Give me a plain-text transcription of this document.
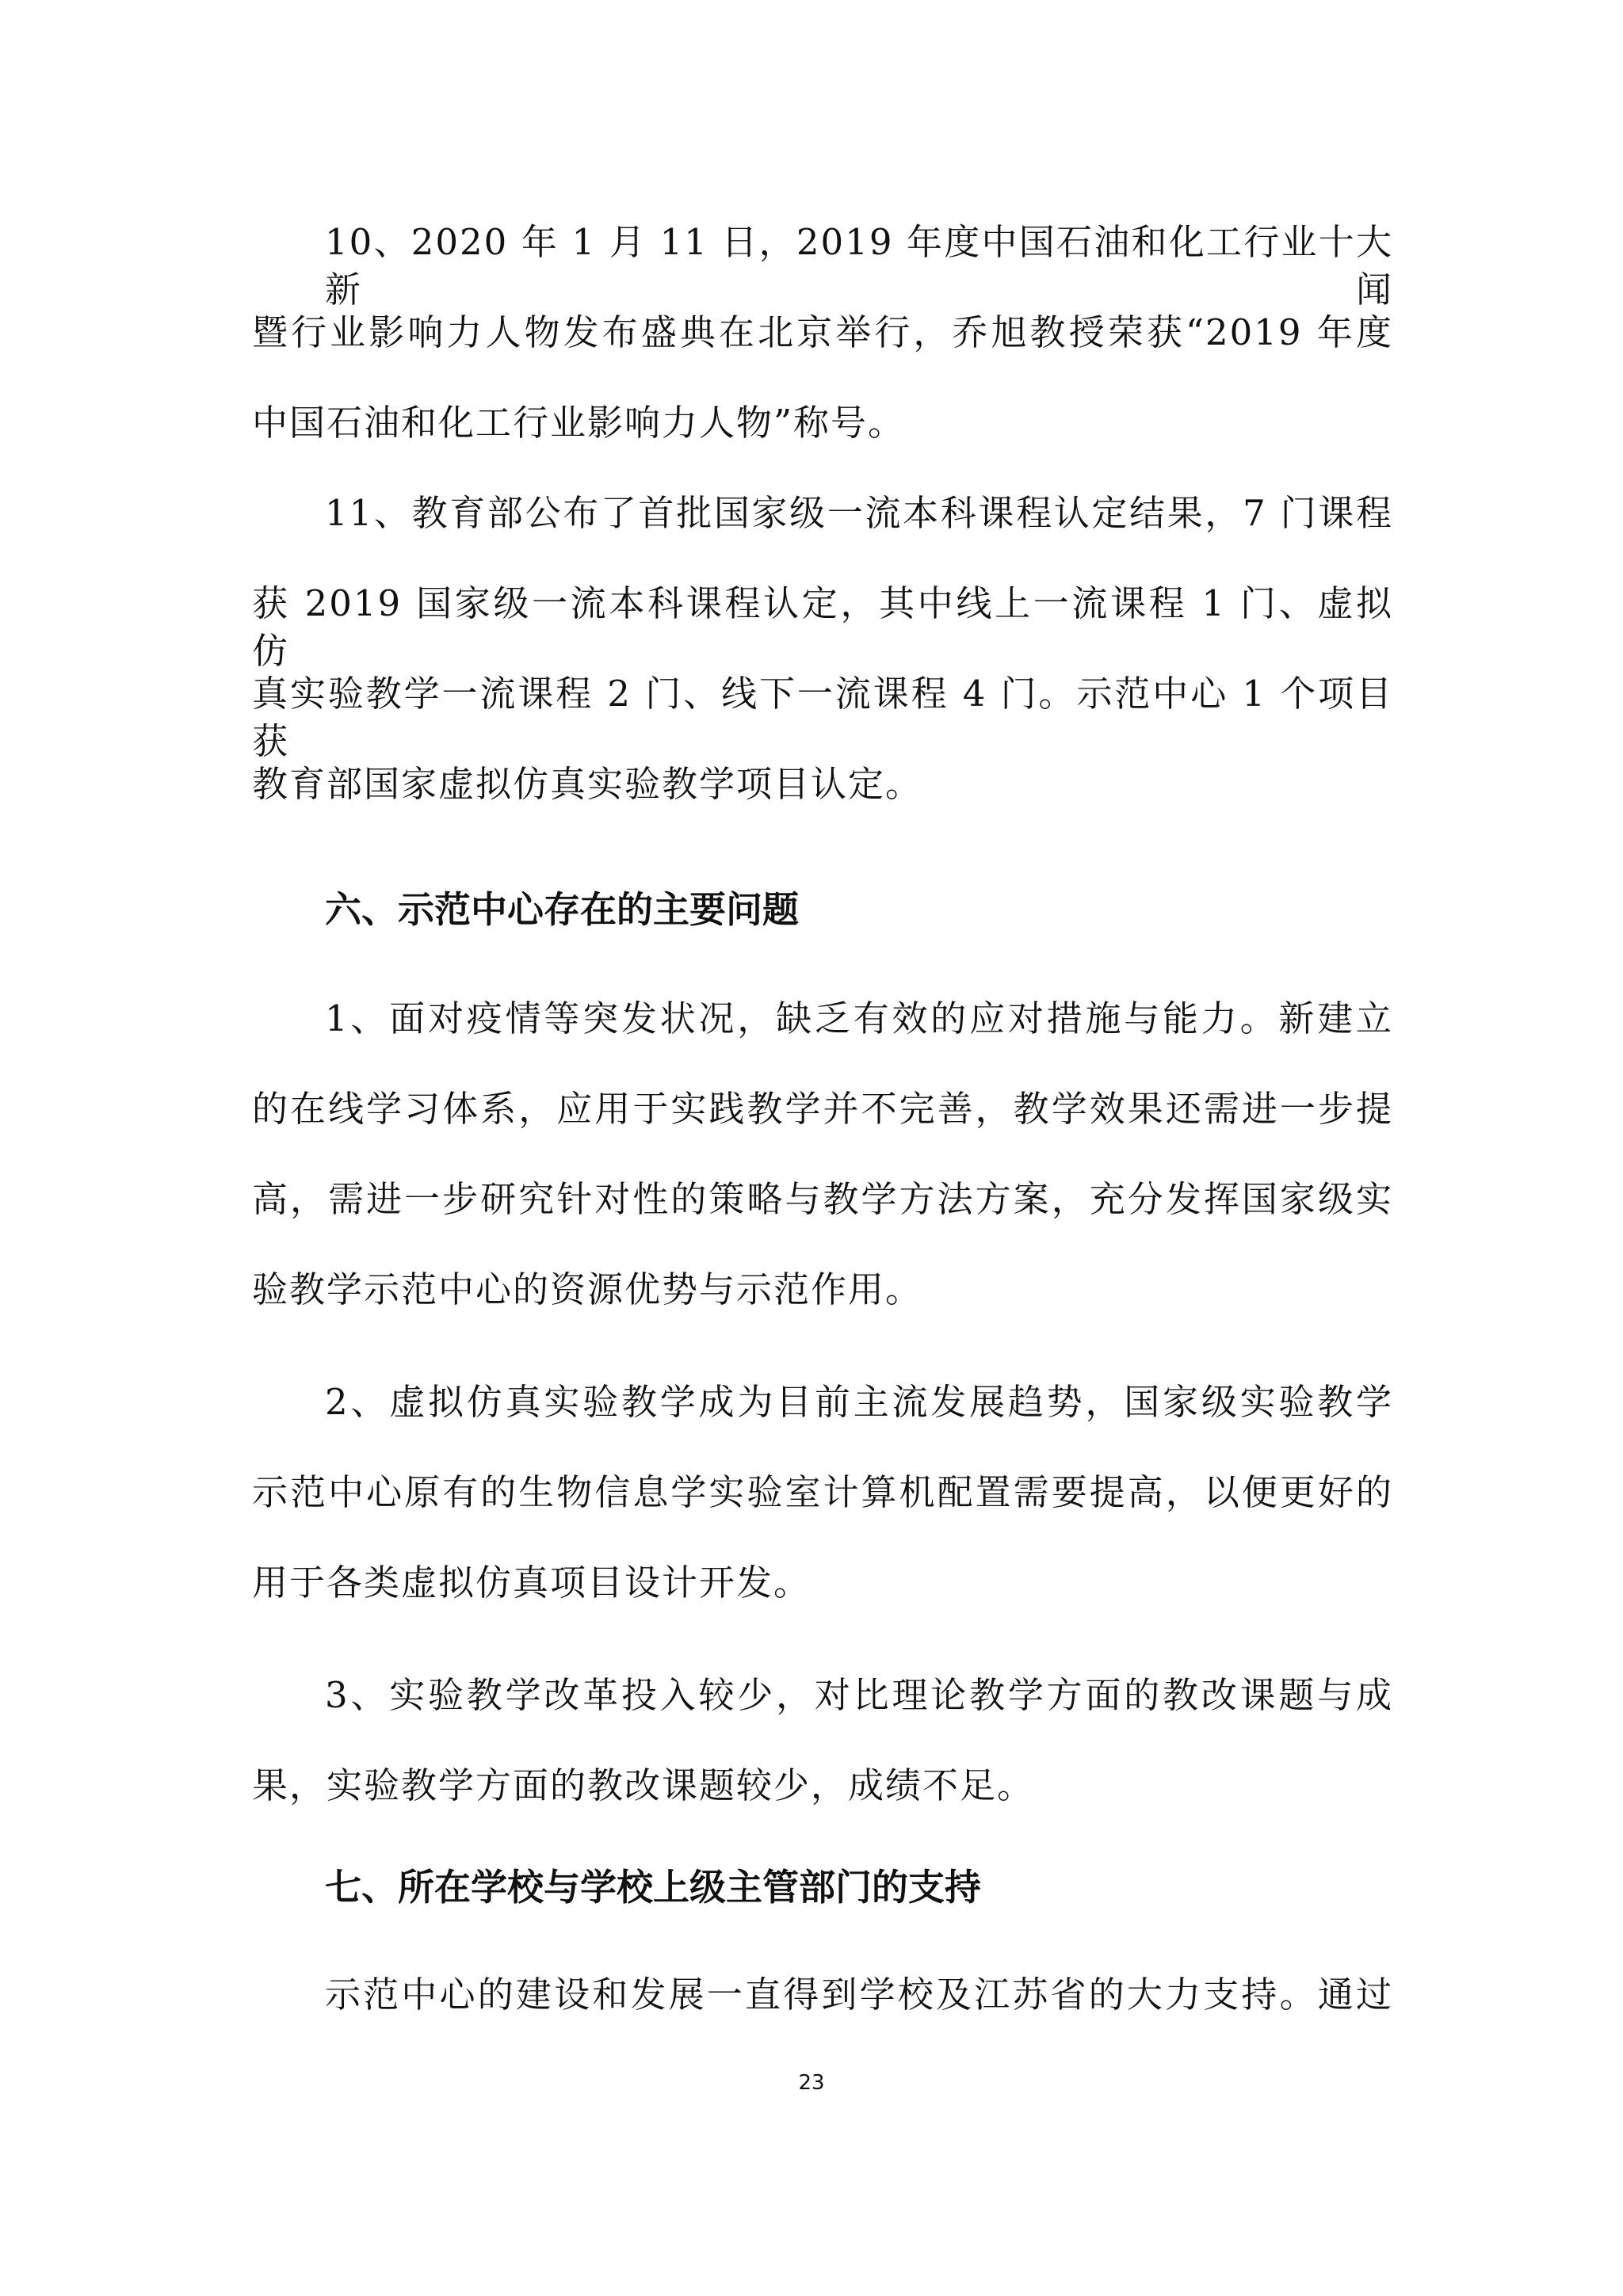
10、2020 年 1 月 11 日，2019 年度中国石油和化工行业十大新闻

暨行业影响力人物发布盛典在北京举行，乔旭教授荣获“2019 年度

中国石油和化工行业影响力人物”称号。

11、教育部公布了首批国家级一流本科课程认定结果，7 门课程

获 2019 国家级一流本科课程认定，其中线上一流课程 1 门、虚拟仿

真实验教学一流课程 2 门、线下一流课程 4 门。示范中心 1 个项目获

教育部国家虚拟仿真实验教学项目认定。

六、示范中心存在的主要问题

1、面对疫情等突发状况，缺乏有效的应对措施与能力。新建立

的在线学习体系，应用于实践教学并不完善，教学效果还需进一步提

高，需进一步研究针对性的策略与教学方法方案，充分发挥国家级实

验教学示范中心的资源优势与示范作用。

2、虚拟仿真实验教学成为目前主流发展趋势，国家级实验教学

示范中心原有的生物信息学实验室计算机配置需要提高，以便更好的

用于各类虚拟仿真项目设计开发。

3、实验教学改革投入较少，对比理论教学方面的教改课题与成

果，实验教学方面的教改课题较少，成绩不足。

七、所在学校与学校上级主管部门的支持

示范中心的建设和发展一直得到学校及江苏省的大力支持。通过

23
